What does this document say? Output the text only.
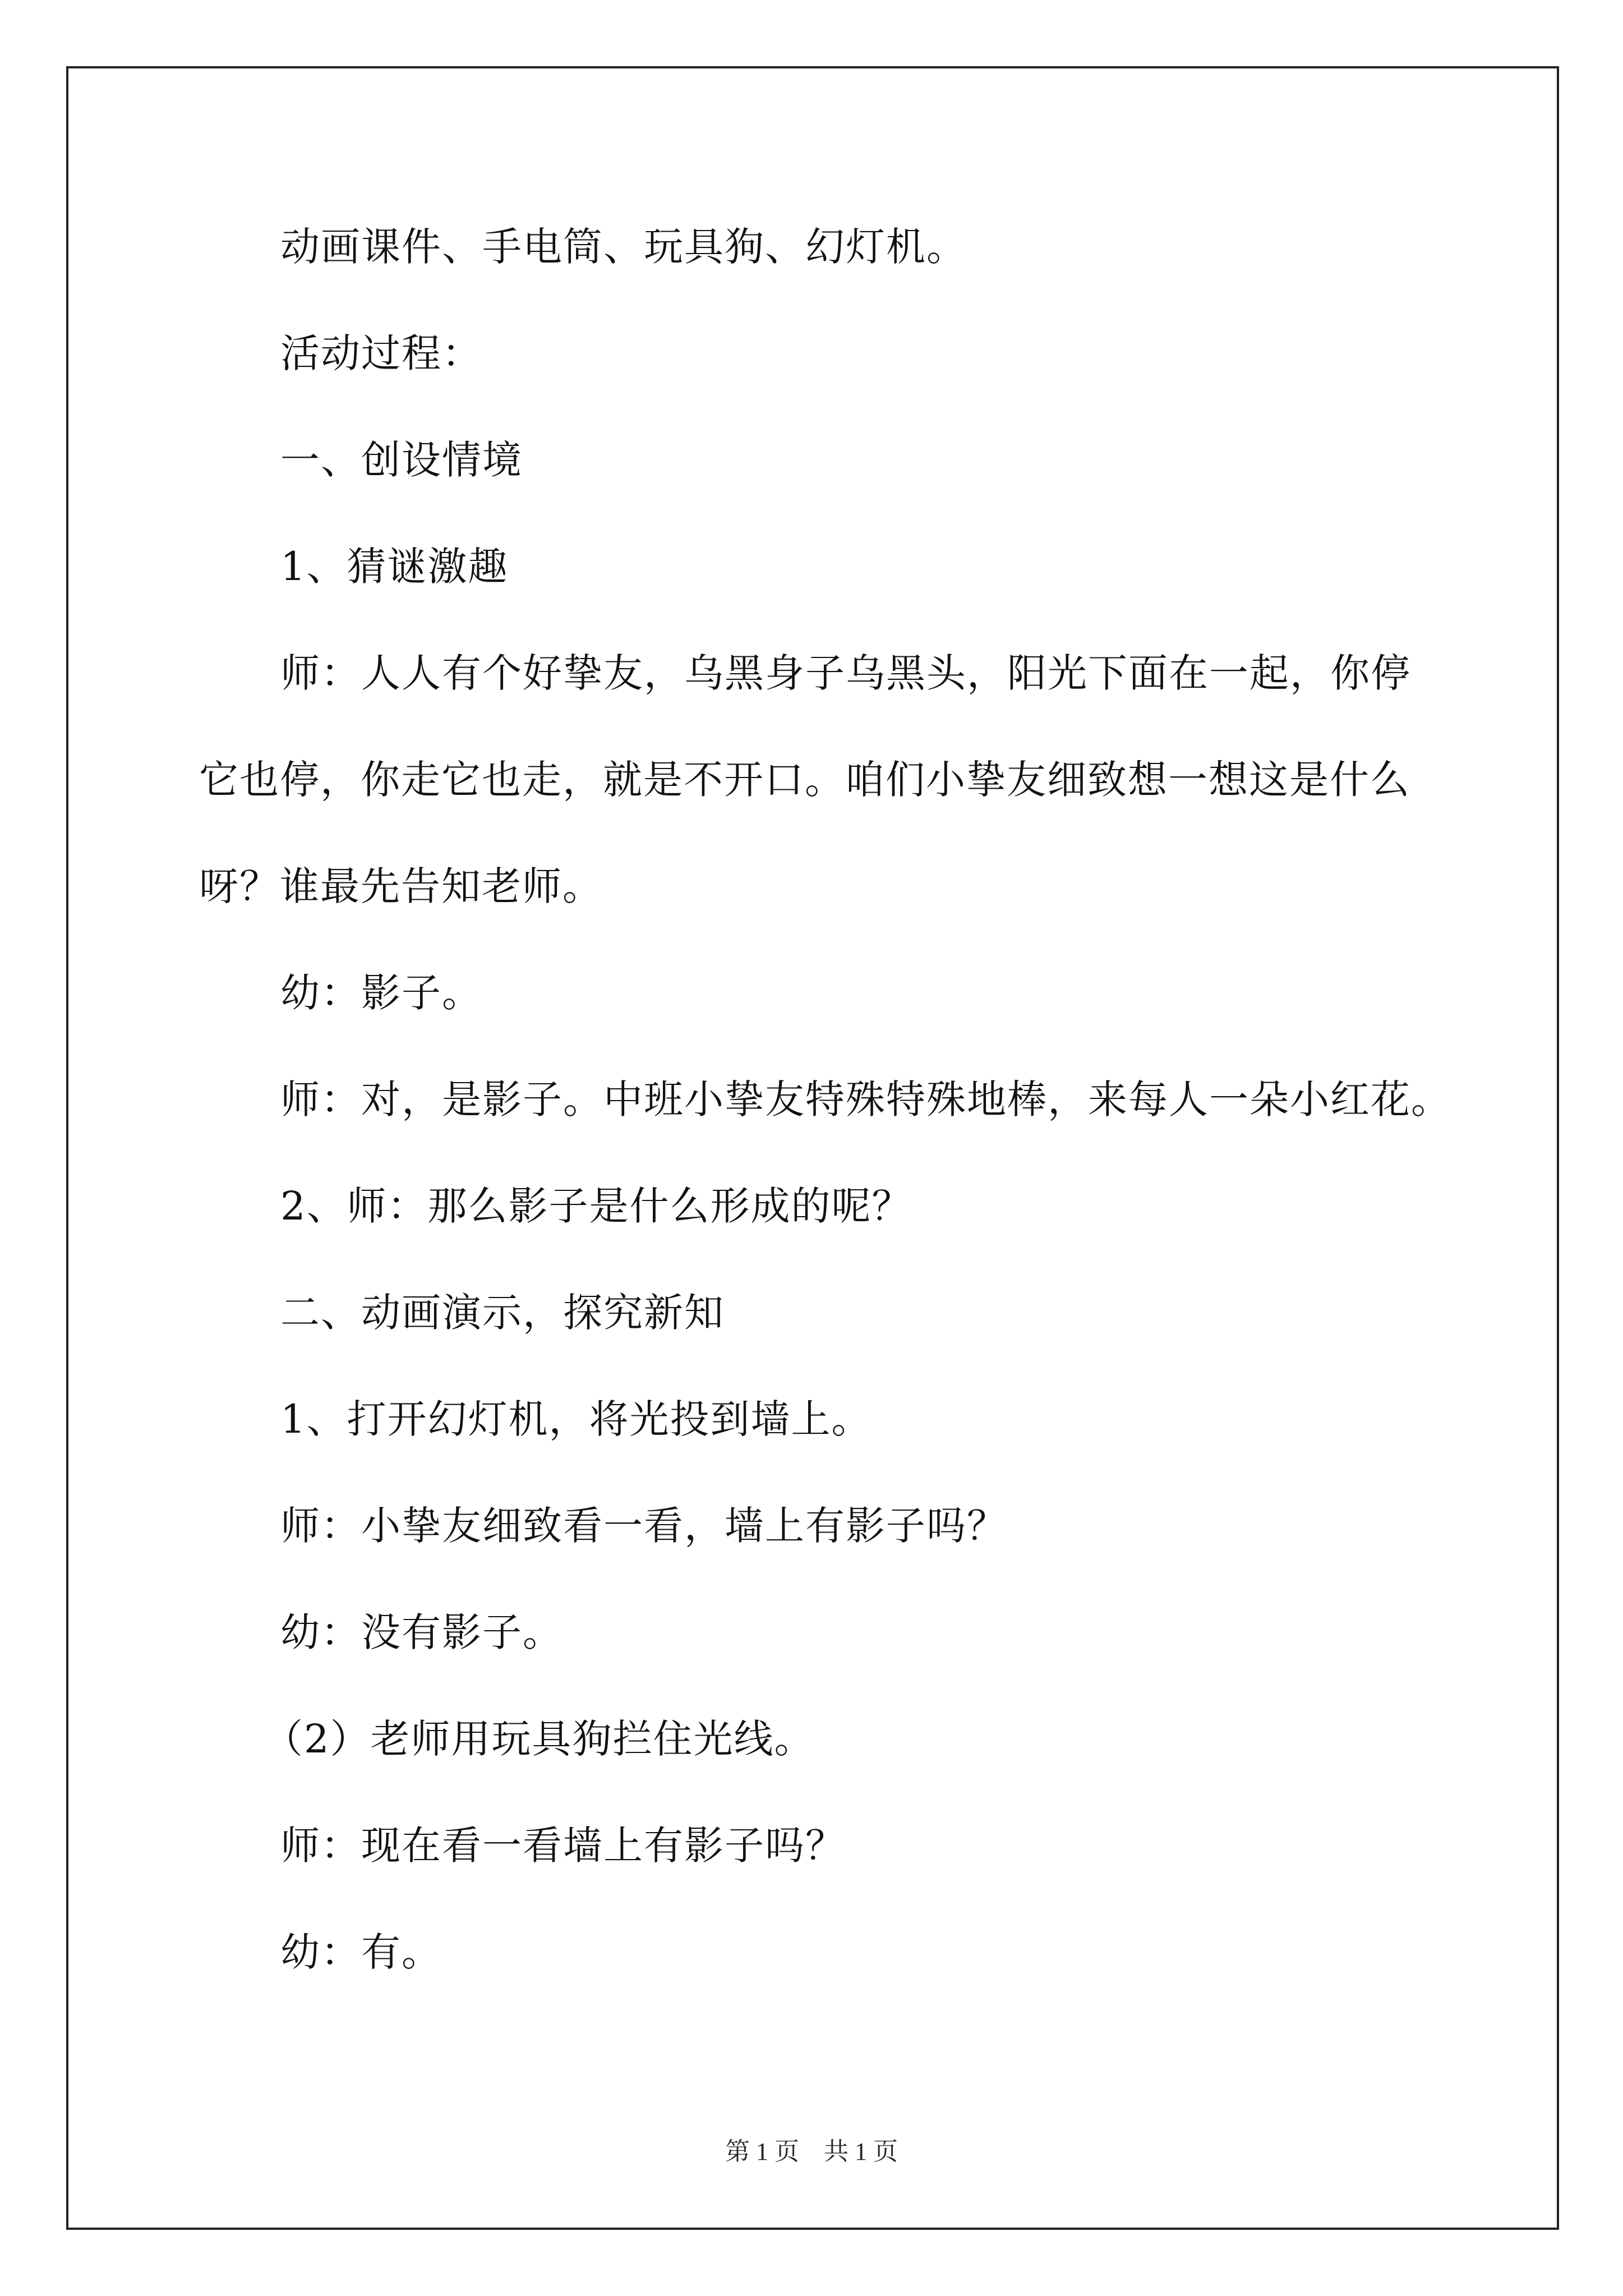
动画课件、手电筒、玩具狗、幻灯机。
活动过程：
一、创设情境
1、猜谜激趣
师：人人有个好挚友，乌黑身子乌黑头，阳光下面在一起，你停
它也停，你走它也走，就是不开口。咱们小挚友细致想一想这是什么
呀？谁最先告知老师。
幼：影子。
师：对，是影子。中班小挚友特殊特殊地棒，来每人一朵小红花。
2、师：那么影子是什么形成的呢？
二、动画演示，探究新知
1、打开幻灯机，将光投到墙上。
师：小挚友细致看一看，墙上有影子吗？
幼：没有影子。
（2）老师用玩具狗拦住光线。
师：现在看一看墙上有影子吗？
幼：有。
第 1 页　共 1 页
